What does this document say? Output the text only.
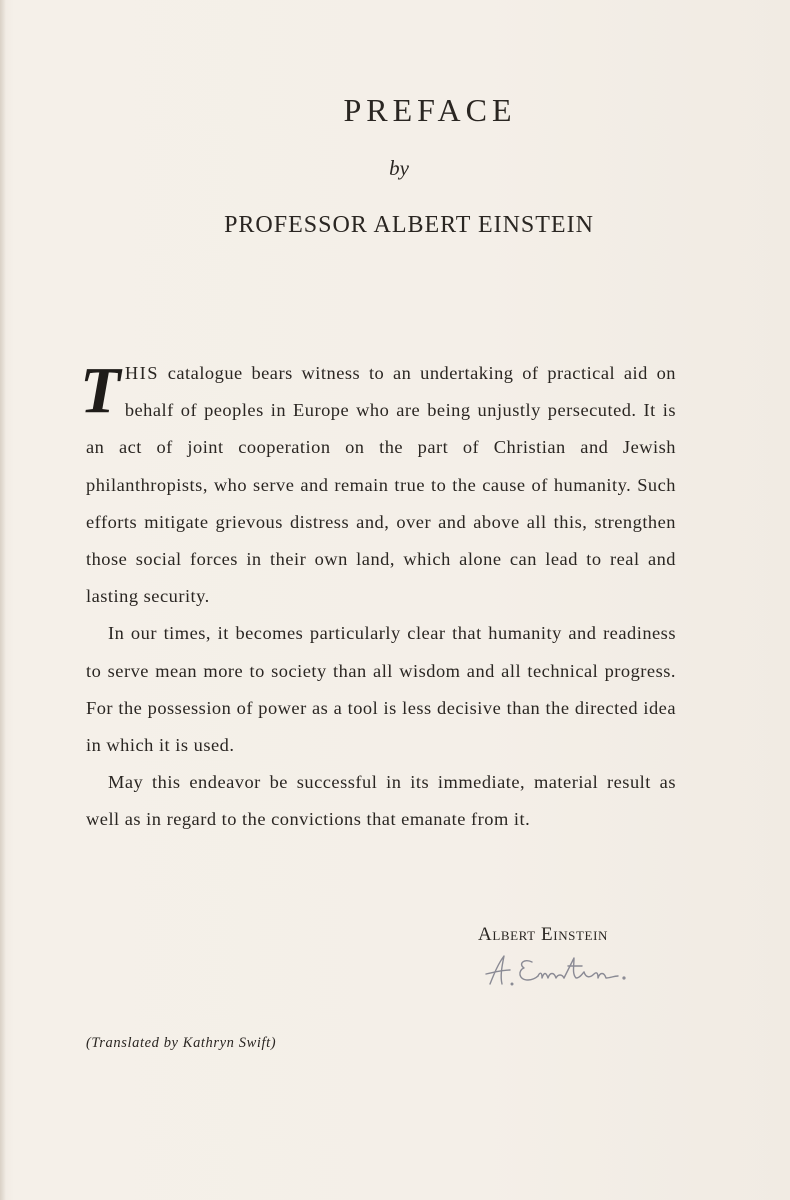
PREFACE
by
PROFESSOR ALBERT EINSTEIN

THIS catalogue bears witness to an undertaking of practical aid on behalf of peoples in Europe who are being unjustly persecuted. It is an act of joint cooperation on the part of Christian and Jewish philanthropists, who serve and remain true to the cause of humanity. Such efforts mitigate grievous distress and, over and above all this, strengthen those social forces in their own land, which alone can lead to real and lasting security.

In our times, it becomes particularly clear that humanity and readiness to serve mean more to society than all wisdom and all technical progress. For the possession of power as a tool is less decisive than the directed idea in which it is used.

May this endeavor be successful in its immediate, material result as well as in regard to the convictions that emanate from it.

Albert Einstein
(Translated by Kathryn Swift)
